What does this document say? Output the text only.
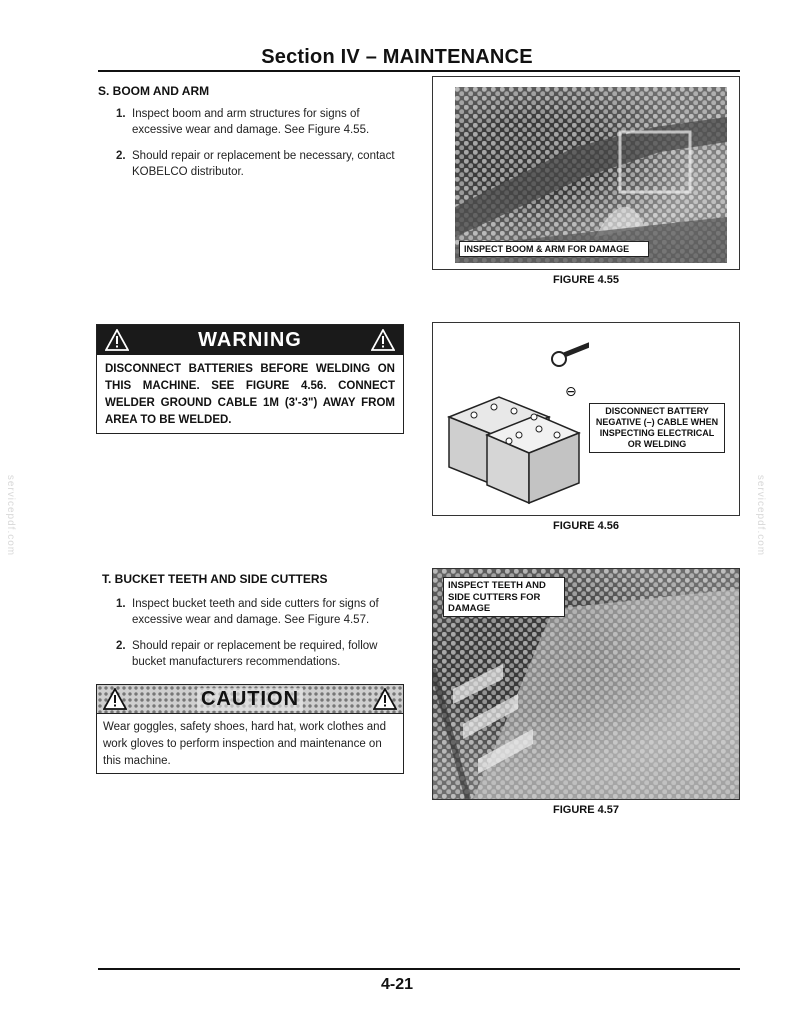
Section IV – MAINTENANCE
S. BOOM AND ARM
1. Inspect boom and arm structures for signs of excessive wear and damage. See Figure 4.55.
2. Should repair or replacement be necessary, contact KOBELCO distributor.
INSPECT BOOM & ARM FOR DAMAGE
FIGURE 4.55
WARNING
DISCONNECT BATTERIES BEFORE WELDING ON THIS MACHINE. SEE FIGURE 4.56. CONNECT WELDER GROUND CABLE 1M (3'-3") AWAY FROM AREA TO BE WELDED.
⊖
DISCONNECT BATTERY NEGATIVE (–) CABLE WHEN INSPECTING ELECTRICAL OR WELDING
FIGURE 4.56
T. BUCKET TEETH AND SIDE CUTTERS
1. Inspect bucket teeth and side cutters for signs of excessive wear and damage. See Figure 4.57.
2. Should repair or replacement be required, follow bucket manufacturers recommendations.
CAUTION
Wear goggles, safety shoes, hard hat, work clothes and work gloves to perform inspection and maintenance on this machine.
INSPECT TEETH AND SIDE CUTTERS FOR DAMAGE
FIGURE 4.57
servicepdf.com	servicepdf.com
4-21
